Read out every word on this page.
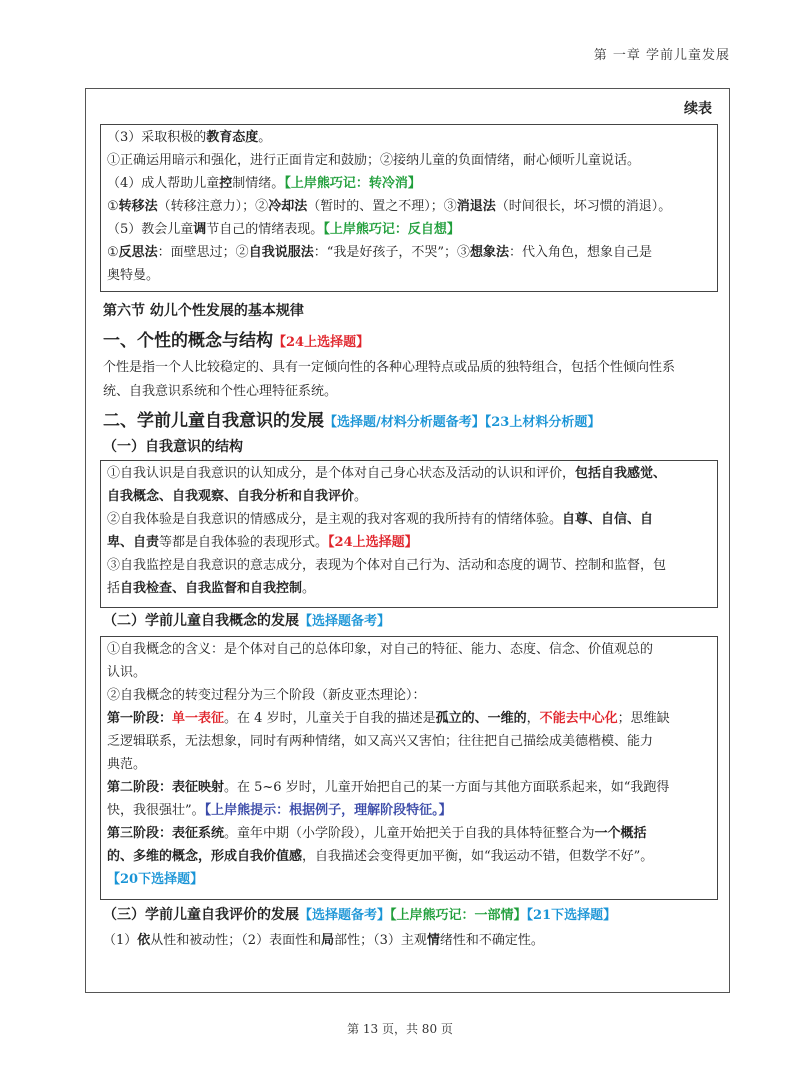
第 一章 学前儿童发展
续表
（3）采取积极的教育态度。
①正确运用暗示和强化，进行正面肯定和鼓励；②接纳儿童的负面情绪，耐心倾听儿童说话。
（4）成人帮助儿童控制情绪。【上岸熊巧记：转冷消】
①转移法（转移注意力）；②冷却法（暂时的、置之不理）；③消退法（时间很长，坏习惯的消退）。
（5）教会儿童调节自己的情绪表现。【上岸熊巧记：反自想】
①反思法：面壁思过；②自我说服法：“我是好孩子，不哭”；③想象法：代入角色，想象自己是
奥特曼。
第六节 幼儿个性发展的基本规律
一、个性的概念与结构【24上选择题】
个性是指一个人比较稳定的、具有一定倾向性的各种心理特点或品质的独特组合，包括个性倾向性系
统、自我意识系统和个性心理特征系统。
二、学前儿童自我意识的发展【选择题/材料分析题备考】【23上材料分析题】
（一）自我意识的结构
①自我认识是自我意识的认知成分，是个体对自己身心状态及活动的认识和评价，包括自我感觉、
自我概念、自我观察、自我分析和自我评价。
②自我体验是自我意识的情感成分，是主观的我对客观的我所持有的情绪体验。自尊、自信、自
卑、自责等都是自我体验的表现形式。【24上选择题】
③自我监控是自我意识的意志成分，表现为个体对自己行为、活动和态度的调节、控制和监督，包
括自我检查、自我监督和自我控制。
（二）学前儿童自我概念的发展【选择题备考】
①自我概念的含义：是个体对自己的总体印象，对自己的特征、能力、态度、信念、价值观总的
认识。
②自我概念的转变过程分为三个阶段（新皮亚杰理论）：
第一阶段：单一表征。在 4 岁时，儿童关于自我的描述是孤立的、一维的，不能去中心化；思维缺
乏逻辑联系，无法想象，同时有两种情绪，如又高兴又害怕；往往把自己描绘成美德楷模、能力
典范。
第二阶段：表征映射。在 5~6 岁时，儿童开始把自己的某一方面与其他方面联系起来，如“我跑得
快，我很强壮”。【上岸熊提示：根据例子，理解阶段特征。】
第三阶段：表征系统。童年中期（小学阶段），儿童开始把关于自我的具体特征整合为一个概括
的、多维的概念，形成自我价值感，自我描述会变得更加平衡，如“我运动不错，但数学不好”。
【20下选择题】
（三）学前儿童自我评价的发展【选择题备考】【上岸熊巧记：一部情】【21下选择题】
（1）依从性和被动性；（2）表面性和局部性；（3）主观情绪性和不确定性。
第 13 页，共 80 页
